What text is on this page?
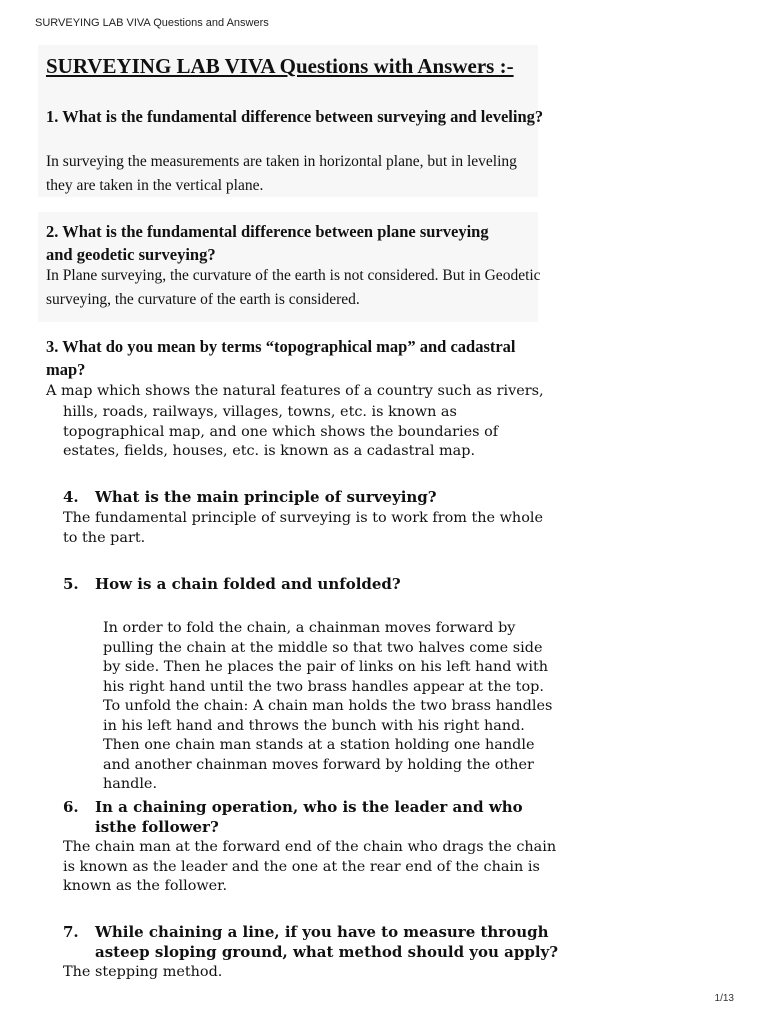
SURVEYING LAB VIVA Questions and Answers
SURVEYING LAB VIVA Questions with Answers :-

1. What is the fundamental difference between surveying and leveling?

In surveying the measurements are taken in horizontal plane, but in leveling they are taken in the vertical plane.

2. What is the fundamental difference between plane surveying and geodetic surveying?

In Plane surveying, the curvature of the earth is not considered. But in Geodetic surveying, the curvature of the earth is considered.

3. What do you mean by terms “topographical map” and cadastral map?

A map which shows the natural features of a country such as rivers,

hills, roads, railways, villages, towns, etc. is known as topographical map, and one which shows the boundaries of estates, fields, houses, etc. is known as a cadastral map.

4. What is the main principle of surveying?

The fundamental principle of surveying is to work from the whole to the part.

5. How is a chain folded and unfolded?

In order to fold the chain, a chainman moves forward by pulling the chain at the middle so that two halves come side by side. Then he places the pair of links on his left hand with his right hand until the two brass handles appear at the top. To unfold the chain: A chain man holds the two brass handles in his left hand and throws the bunch with his right hand. Then one chain man stands at a station holding one handle and another chainman moves forward by holding the other handle.

6. In a chaining operation, who is the leader and who isthe follower?

The chain man at the forward end of the chain who drags the chain is known as the leader and the one at the rear end of the chain is known as the follower.

7. While chaining a line, if you have to measure through asteep sloping ground, what method should you apply?

The stepping method.

1/13
